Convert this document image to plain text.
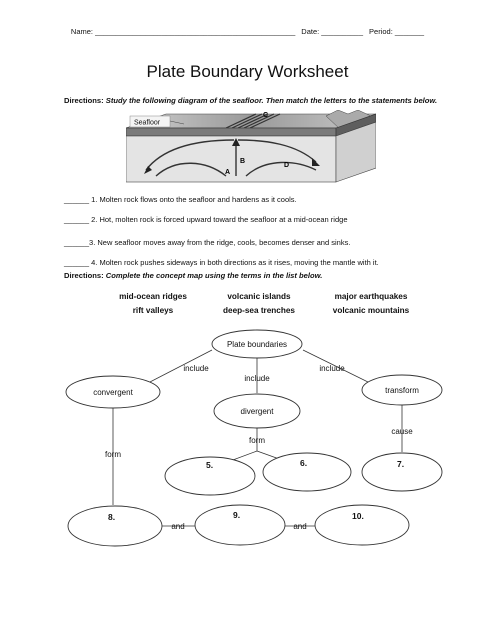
Name: ________________________________________________ Date: __________ Period: _______
Plate Boundary Worksheet
Directions: Study the following diagram of the seafloor. Then match the letters to the statements below.
Seafloor
A
B
C
D
______ 1. Molten rock flows onto the seafloor and hardens as it cools.
______ 2. Hot, molten rock is forced upward toward the seafloor at a mid-ocean ridge
______3. New seafloor moves away from the ridge, cools, becomes denser and sinks.
______ 4. Molten rock pushes sideways in both directions as it rises, moving the mantle with it.
Directions: Complete the concept map using the terms in the list below.
mid-ocean ridges	volcanic islands	major earthquakes
rift valleys	deep-sea trenches	volcanic mountains
Plate boundaries
convergent
divergent
transform
include
include
include
form
form
cause
and	and
5.	6.	7.
8.	9.	10.
